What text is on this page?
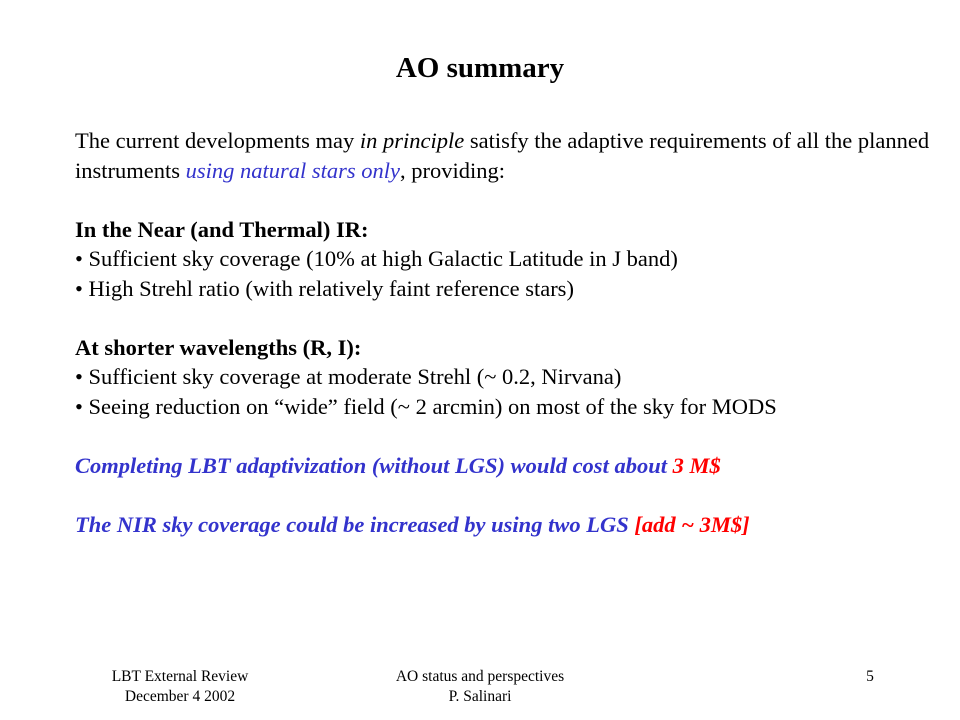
AO summary

The current developments may in principle satisfy the adaptive requirements of all the planned instruments using natural stars only, providing:

In the Near (and Thermal) IR:
• Sufficient sky coverage (10% at high Galactic Latitude in J band)
• High Strehl ratio (with relatively faint reference stars)
At shorter wavelengths (R, I):
• Sufficient sky coverage at moderate Strehl (~ 0.2, Nirvana)
• Seeing reduction on “wide” field (~ 2 arcmin) on most of the sky for MODS
Completing LBT adaptivization (without LGS) would cost about 3 M$
The NIR sky coverage could be increased by using two LGS [add ~ 3M$]
LBT External Review
December 4 2002
AO status and perspectives
P. Salinari
5
